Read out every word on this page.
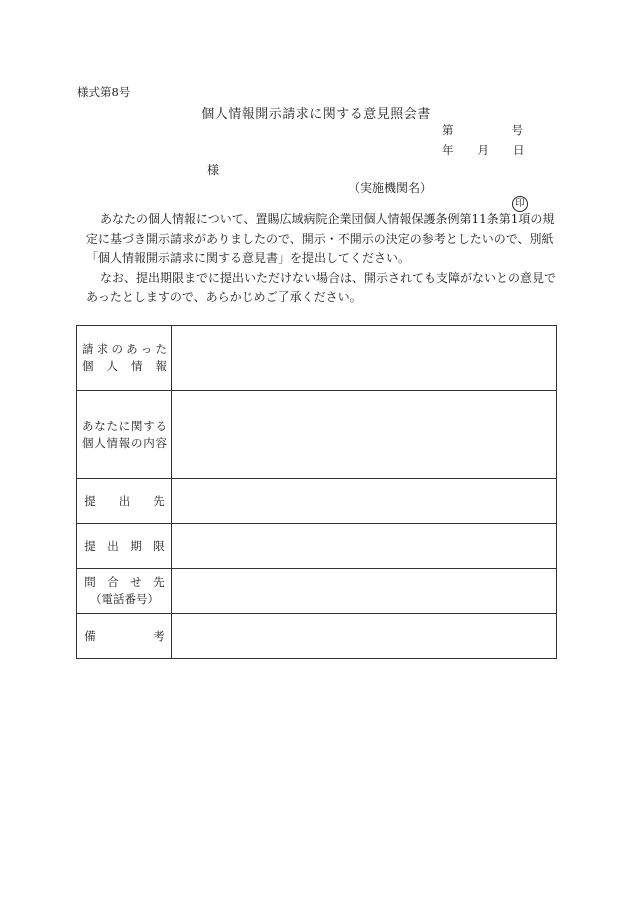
様式第8号
個人情報開示請求に関する意見照会書
第	号
年 月 日
様
（実施機関名）
印

あなたの個人情報について、置賜広域病院企業団個人情報保護条例第11条第1項の規定に基づき開示請求がありましたので、開示・不開示の決定の参考としたいので、別紙「個人情報開示請求に関する意見書」を提出してください。

なお、提出期限までに提出いただけない場合は、開示されても支障がないとの意見であったとしますので、あらかじめご了承ください。

請求のあった
個　人　情　報	

あなたに関する
個人情報の内容	

提　　出　　先	

提　出　期　限	

問　合　せ　先
（電話番号）	

備　　　　　考	
